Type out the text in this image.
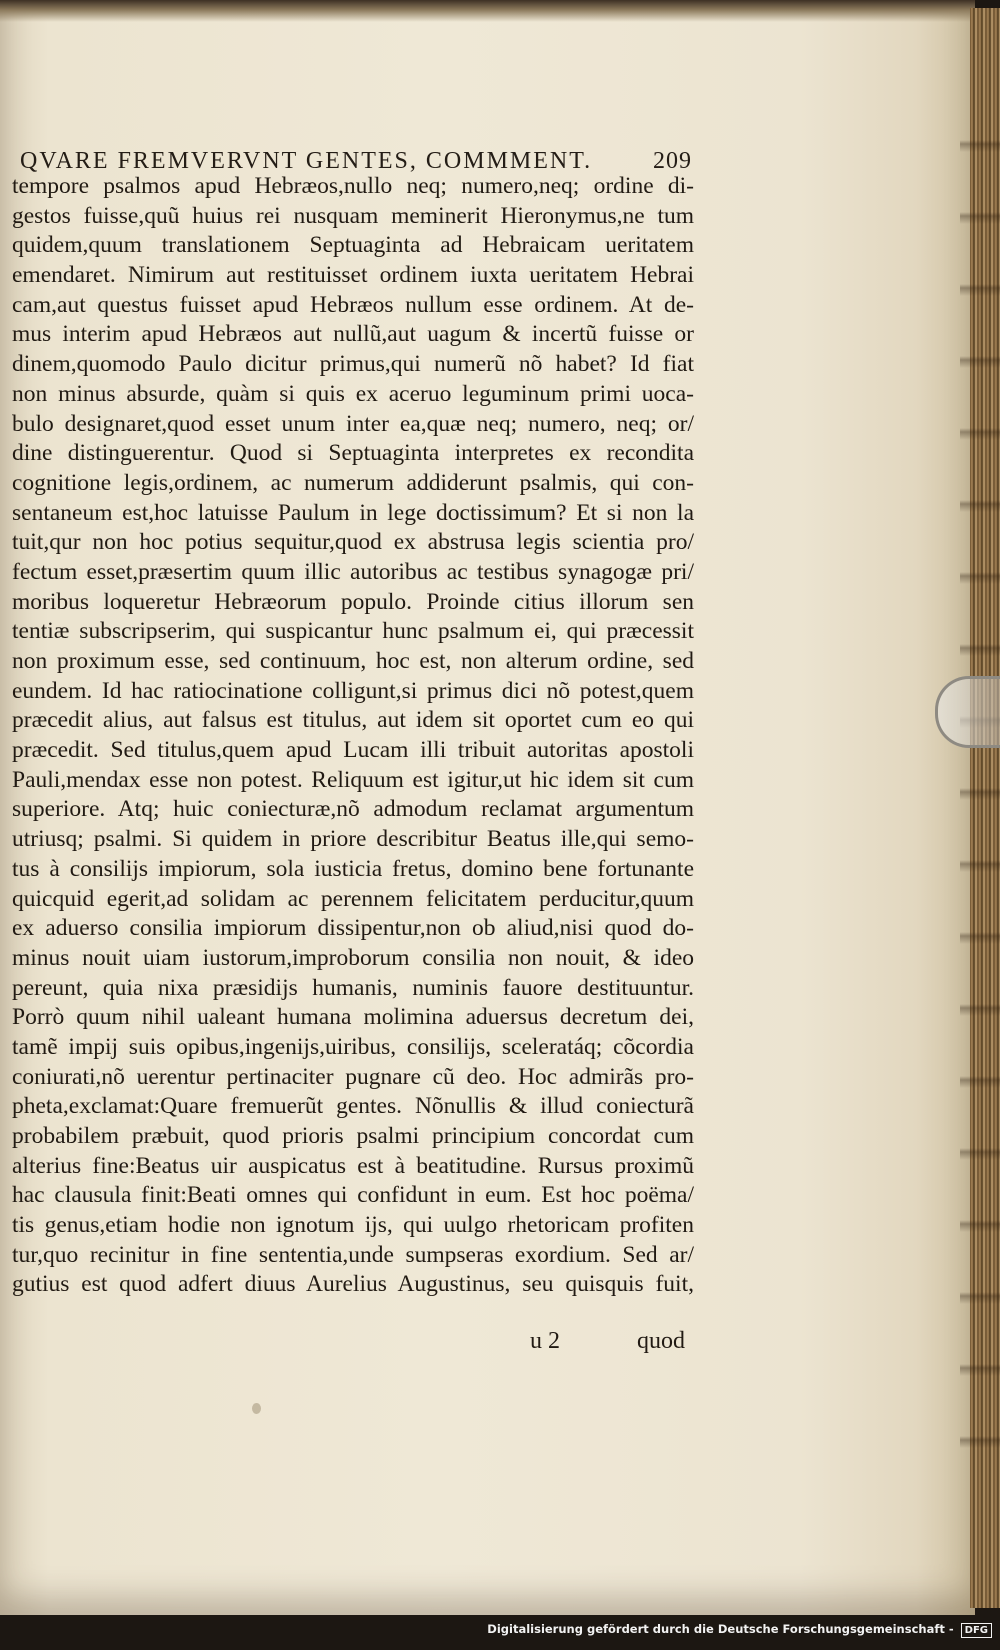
QVARE FREMVERVNT GENTES, COMMMENT.	209
tempore psalmos apud Hebræos,nullo neq; numero,neq; ordine di-
gestos fuisse,quũ huius rei nusquam meminerit Hieronymus,ne tum
quidem,quum translationem Septuaginta ad Hebraicam ueritatem
emendaret. Nimirum aut restituisset ordinem iuxta ueritatem Hebrai
cam,aut questus fuisset apud Hebræos nullum esse ordinem. At de-
mus interim apud Hebræos aut nullũ,aut uagum & incertũ fuisse or
dinem,quomodo Paulo dicitur primus,qui numerũ nõ habet? Id fiat
non minus absurde, quàm si quis ex aceruo leguminum primi uoca-
bulo designaret,quod esset unum inter ea,quæ neq; numero, neq; or/
dine distinguerentur. Quod si Septuaginta interpretes ex recondita
cognitione legis,ordinem, ac numerum addiderunt psalmis, qui con-
sentaneum est,hoc latuisse Paulum in lege doctissimum? Et si non la
tuit,qur non hoc potius sequitur,quod ex abstrusa legis scientia pro/
fectum esset,præsertim quum illic autoribus ac testibus synagogæ pri/
moribus loqueretur Hebræorum populo. Proinde citius illorum sen
tentiæ subscripserim, qui suspicantur hunc psalmum ei, qui præcessit
non proximum esse, sed continuum, hoc est, non alterum ordine, sed
eundem. Id hac ratiocinatione colligunt,si primus dici nõ potest,quem
præcedit alius, aut falsus est titulus, aut idem sit oportet cum eo qui
præcedit. Sed titulus,quem apud Lucam illi tribuit autoritas apostoli
Pauli,mendax esse non potest. Reliquum est igitur,ut hic idem sit cum
superiore. Atq; huic coniecturæ,nõ admodum reclamat argumentum
utriusq; psalmi. Si quidem in priore describitur Beatus ille,qui semo-
tus à consilijs impiorum, sola iusticia fretus, domino bene fortunante
quicquid egerit,ad solidam ac perennem felicitatem perducitur,quum
ex aduerso consilia impiorum dissipentur,non ob aliud,nisi quod do-
minus nouit uiam iustorum,improborum consilia non nouit, & ideo
pereunt, quia nixa præsidijs humanis, numinis fauore destituuntur.
Porrò quum nihil ualeant humana molimina aduersus decretum dei,
tamẽ impij suis opibus,ingenijs,uiribus, consilijs, sceleratáq; cõcordia
coniurati,nõ uerentur pertinaciter pugnare cũ deo. Hoc admirãs pro-
pheta,exclamat:Quare fremuerũt gentes. Nõnullis & illud coniecturã
probabilem præbuit, quod prioris psalmi principium concordat cum
alterius fine:Beatus uir auspicatus est à beatitudine. Rursus proximũ
hac clausula finit:Beati omnes qui confidunt in eum. Est hoc poëma/
tis genus,etiam hodie non ignotum ijs, qui uulgo rhetoricam profiten
tur,quo recinitur in fine sententia,unde sumpseras exordium. Sed ar/
gutius est quod adfert diuus Aurelius Augustinus, seu quisquis fuit,
u 2	quod
Digitalisierung gefördert durch die Deutsche Forschungsgemeinschaft - DFG
